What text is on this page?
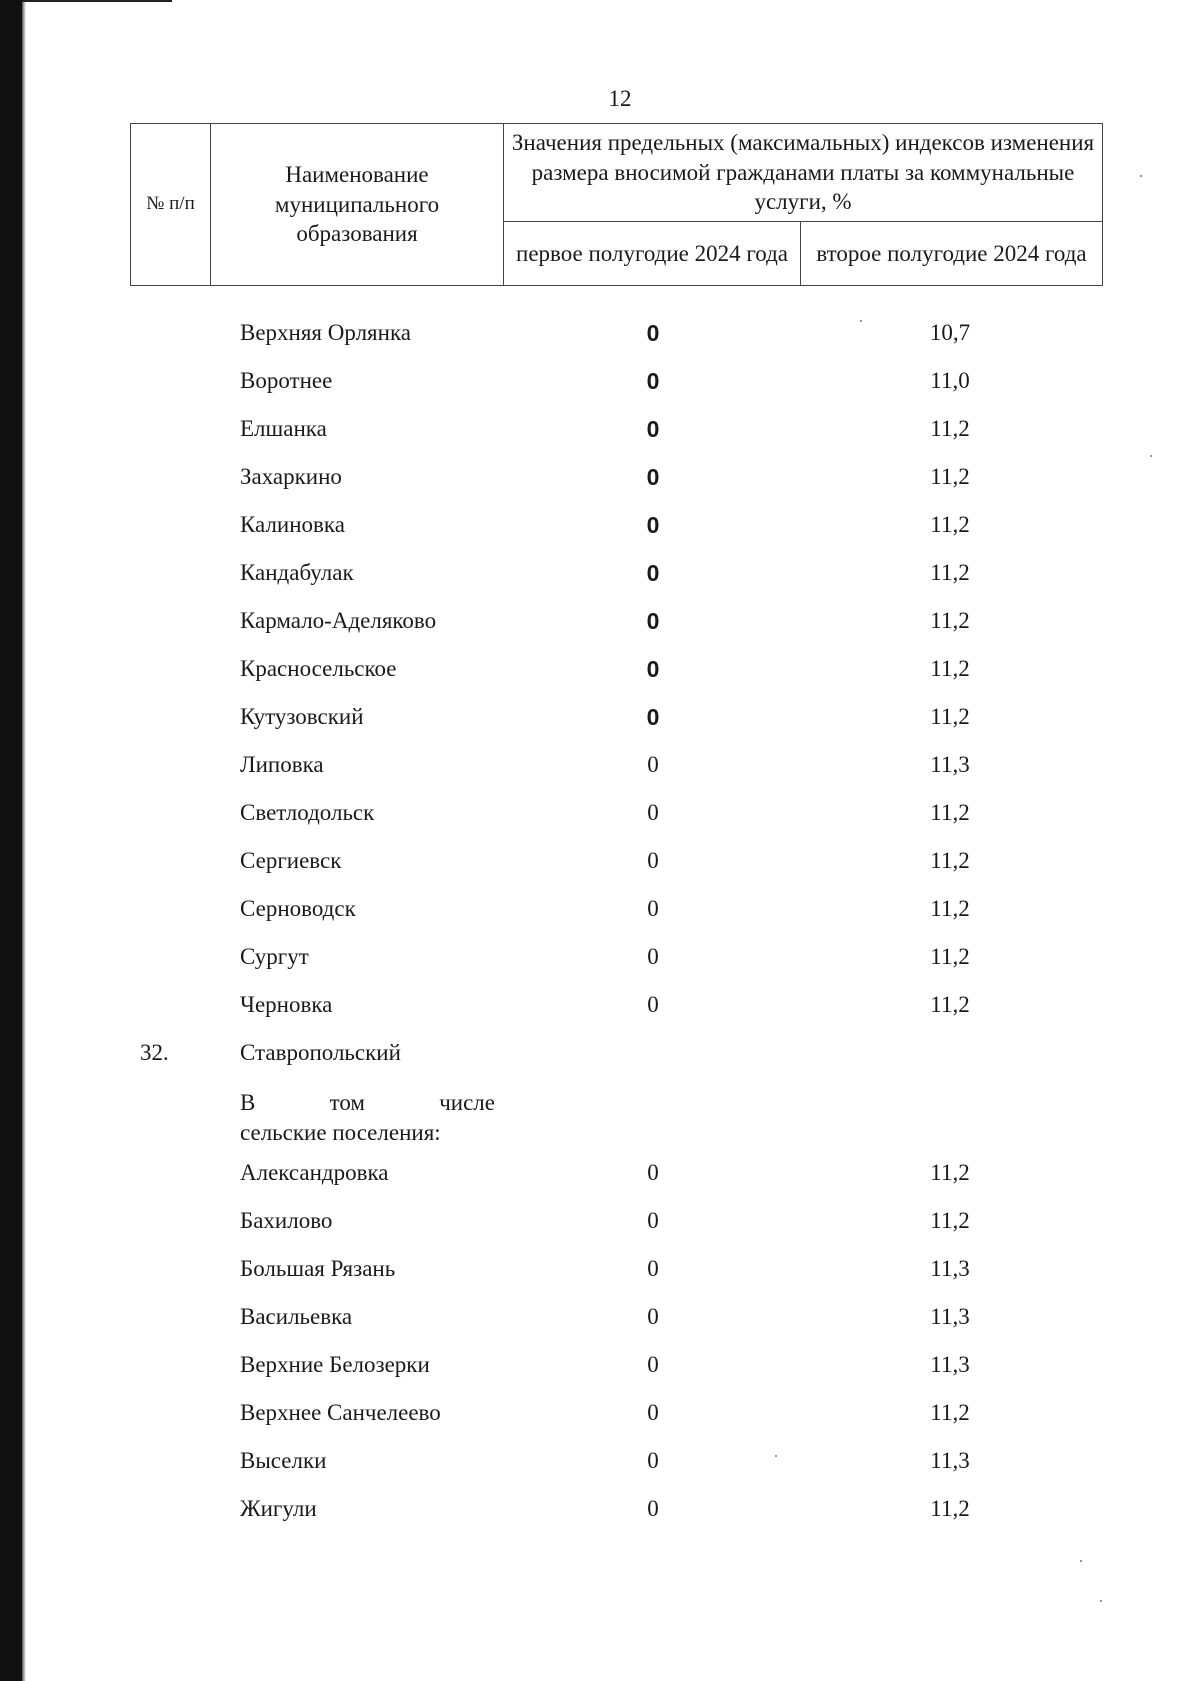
12
№ п/п	Наименование муниципального образования	Значения предельных (максимальных) индексов изменения размера вносимой гражданами платы за коммунальные услуги, %	
		первое полугодие 2024 года	второе полугодие 2024 года
Верхняя Орлянка	0	10,7
Воротнее	0	11,0
Елшанка	0	11,2
Захаркино	0	11,2
Калиновка	0	11,2
Кандабулак	0	11,2
Кармало-Аделяково	0	11,2
Красносельское	0	11,2
Кутузовский	0	11,2
Липовка	0	11,3
Светлодольск	0	11,2
Сергиевск	0	11,2
Серноводск	0	11,2
Сургут	0	11,2
Черновка	0	11,2
32.	Ставропольский
В	том	числе
сельские поселения:
Александровка	0	11,2
Бахилово	0	11,2
Большая Рязань	0	11,3
Васильевка	0	11,3
Верхние Белозерки	0	11,3
Верхнее Санчелеево	0	11,2
Выселки	0	11,3
Жигули	0	11,2
